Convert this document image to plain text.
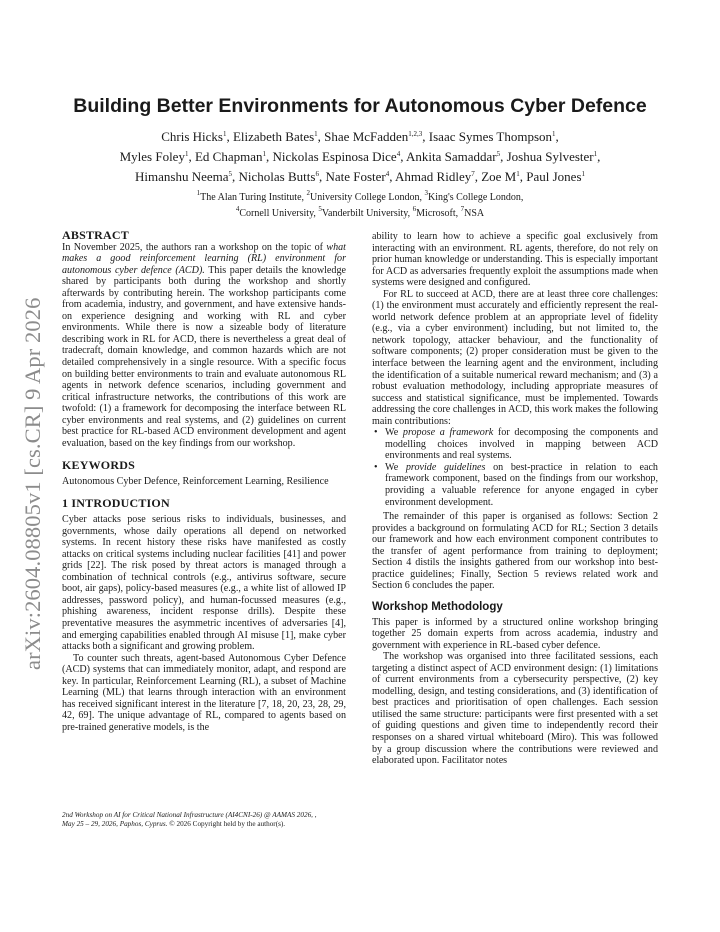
arXiv:2604.08805v1 [cs.CR] 9 Apr 2026
Building Better Environments for Autonomous Cyber Defence
Chris Hicks$^1$, Elizabeth Bates$^1$, Shae McFadden$^{1,2,3}$, Isaac Symes Thompson$^1$,
Myles Foley$^1$, Ed Chapman$^1$, Nickolas Espinosa Dice$^4$, Ankita Samaddar$^5$, Joshua Sylvester$^1$,
Himanshu Neema$^5$, Nicholas Butts$^6$, Nate Foster$^4$, Ahmad Ridley$^7$, Zoe $M^1$, Paul Jones$^1$
$^1$The Alan Turing Institute, $^2$University College London, $^3$King's College London,
$^4$Cornell University, $^5$Vanderbilt University, $^6$Microsoft, $^7$NSA
ABSTRACT

In November 2025, the authors ran a workshop on the topic of what makes a good reinforcement learning (RL) environment for autonomous cyber defence (ACD). This paper details the knowledge shared by participants both during the workshop and shortly afterwards by contributing herein. The workshop participants come from academia, industry, and government, and have extensive hands-on experience designing and working with RL and cyber environments. While there is now a sizeable body of literature describing work in RL for ACD, there is nevertheless a great deal of tradecraft, domain knowledge, and common hazards which are not detailed comprehensively in a single resource. With a specific focus on building better environments to train and evaluate autonomous RL agents in network defence scenarios, including government and critical infrastructure networks, the contributions of this work are twofold: (1) a framework for decomposing the interface between RL cyber environments and real systems, and (2) guidelines on current best practice for RL-based ACD environment development and agent evaluation, based on the key findings from our workshop.

KEYWORDS

Autonomous Cyber Defence, Reinforcement Learning, Resilience

1 INTRODUCTION

Cyber attacks pose serious risks to individuals, businesses, and governments, whose daily operations all depend on networked systems. In recent history these risks have manifested as costly attacks on critical systems including nuclear facilities [41] and power grids [22]. The risk posed by threat actors is managed through a combination of technical controls (e.g., antivirus software, secure boot, air gaps), policy-based measures (e.g., a white list of allowed IP addresses, password policy), and human-focussed measures (e.g., phishing awareness, incident response drills). Despite these preventative measures the asymmetric incentives of adversaries [4], and emerging capabilities enabled through AI misuse [1], make cyber attacks both a significant and growing problem.

To counter such threats, agent-based Autonomous Cyber Defence (ACD) systems that can immediately monitor, adapt, and respond are key. In particular, Reinforcement Learning (RL), a subset of Machine Learning (ML) that learns through interaction with an environment has received significant interest in the literature [7, 18, 20, 23, 28, 29, 42, 69]. The unique advantage of RL, compared to agents based on pre-trained generative models, is the

ability to learn how to achieve a specific goal exclusively from interacting with an environment. RL agents, therefore, do not rely on prior human knowledge or understanding. This is especially important for ACD as adversaries frequently exploit the assumptions made when systems were designed and configured.

For RL to succeed at ACD, there are at least three core challenges: (1) the environment must accurately and efficiently represent the real-world network defence problem at an appropriate level of fidelity (e.g., via a cyber environment) including, but not limited to, the network topology, attacker behaviour, and the functionality of software components; (2) proper consideration must be given to the interface between the learning agent and the environment, including the identification of a suitable numerical reward mechanism; and (3) a robust evaluation methodology, including appropriate measures of success and statistical significance, must be implemented. Towards addressing the core challenges in ACD, this work makes the following main contributions:

• We propose a framework for decomposing the components and modelling choices involved in mapping between ACD environments and real systems.
• We provide guidelines on best-practice in relation to each framework component, based on the findings from our workshop, providing a valuable reference for anyone engaged in cyber environment development.

The remainder of this paper is organised as follows: Section 2 provides a background on formulating ACD for RL; Section 3 details our framework and how each environment component contributes to the transfer of agent performance from training to deployment; Section 4 distils the insights gathered from our workshop into best-practice guidelines; Finally, Section 5 reviews related work and Section 6 concludes the paper.

Workshop Methodology

This paper is informed by a structured online workshop bringing together 25 domain experts from across academia, industry and government with experience in RL-based cyber defence.

The workshop was organised into three facilitated sessions, each targeting a distinct aspect of ACD environment design: (1) limitations of current environments from a cybersecurity perspective, (2) key modelling, design, and testing considerations, and (3) identification of best practices and prioritisation of open challenges. Each session utilised the same structure: participants were first presented with a set of guiding questions and given time to independently record their responses on a shared virtual whiteboard (Miro). This was followed by a group discussion where the contributions were reviewed and elaborated upon. Facilitator notes

2nd Workshop on AI for Critical National Infrastructure (AI4CNI-26) @ AAMAS 2026, ,
May 25 – 29, 2026, Paphos, Cyprus. © 2026 Copyright held by the author(s).
